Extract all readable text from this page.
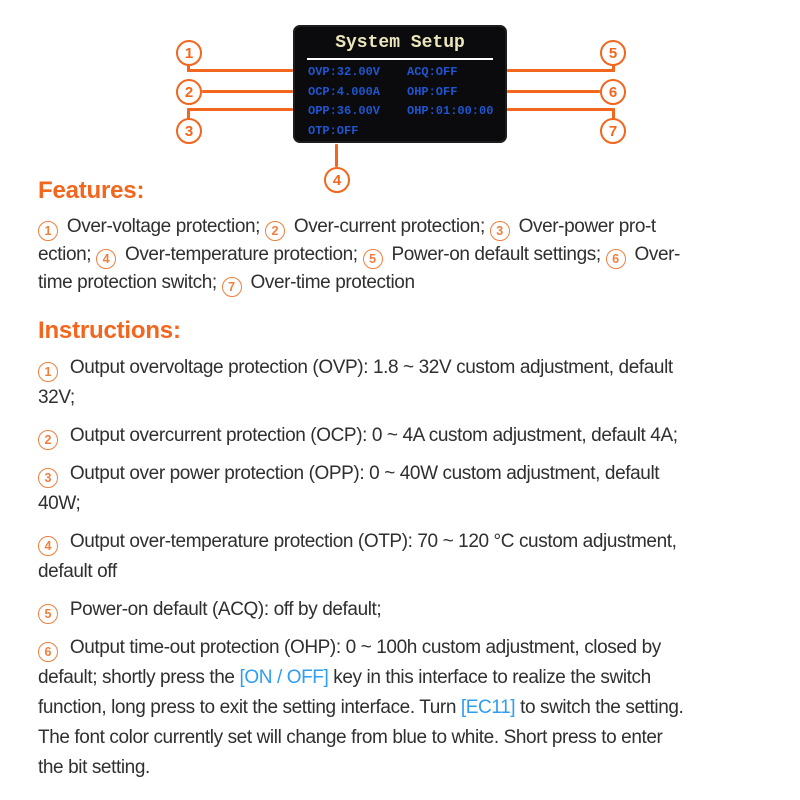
System Setup
OVP:32.00V
OCP:4.000A
OPP:36.00V
OTP:OFF
ACQ:OFF
OHP:OFF
OHP:01:00:00
1
2
3
4
5
6
7
Features:

1 Over-voltage protection; 2 Over-current protection; 3 Over-power pro-t
ection; 4 Over-temperature protection; 5 Power-on default settings; 6 Over-
time protection switch; 7 Over-time protection

Instructions:

1 Output overvoltage protection (OVP): 1.8 ~ 32V custom adjustment, default
32V;

2 Output overcurrent protection (OCP): 0 ~ 4A custom adjustment, default 4A;

3 Output over power protection (OPP): 0 ~ 40W custom adjustment, default
40W;

4 Output over-temperature protection (OTP): 70 ~ 120 °C custom adjustment,
default off

5 Power-on default (ACQ): off by default;

6 Output time-out protection (OHP): 0 ~ 100h custom adjustment, closed by
default; shortly press the [ON / OFF] key in this interface to realize the switch
function, long press to exit the setting interface. Turn [EC11] to switch the setting.
The font color currently set will change from blue to white. Short press to enter
the bit setting.
